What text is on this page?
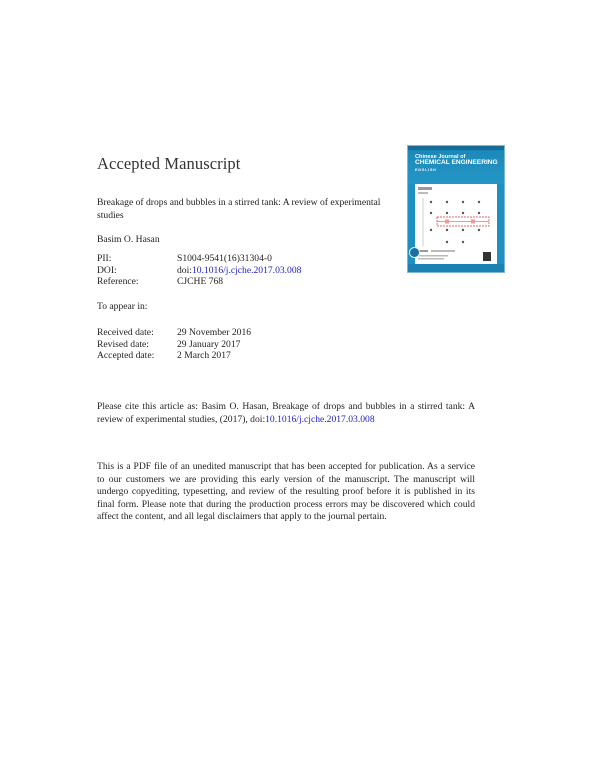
Accepted Manuscript
Breakage of drops and bubbles in a stirred tank: A review of experimental studies
Basim O. Hasan
PII:	S1004-9541(16)31304-0
DOI:	doi:10.1016/j.cjche.2017.03.008
Reference:	CJCHE 768
To appear in:
Received date:	29 November 2016
Revised date:	29 January 2017
Accepted date:	2 March 2017
Please cite this article as: Basim O. Hasan, Breakage of drops and bubbles in a stirred tank: A review of experimental studies, (2017), doi:10.1016/j.cjche.2017.03.008
This is a PDF file of an unedited manuscript that has been accepted for publication. As a service to our customers we are providing this early version of the manuscript. The manuscript will undergo copyediting, typesetting, and review of the resulting proof before it is published in its final form. Please note that during the production process errors may be discovered which could affect the content, and all legal disclaimers that apply to the journal pertain.
Chinese Journal of
CHEMICAL ENGINEERING
ENGLISH
